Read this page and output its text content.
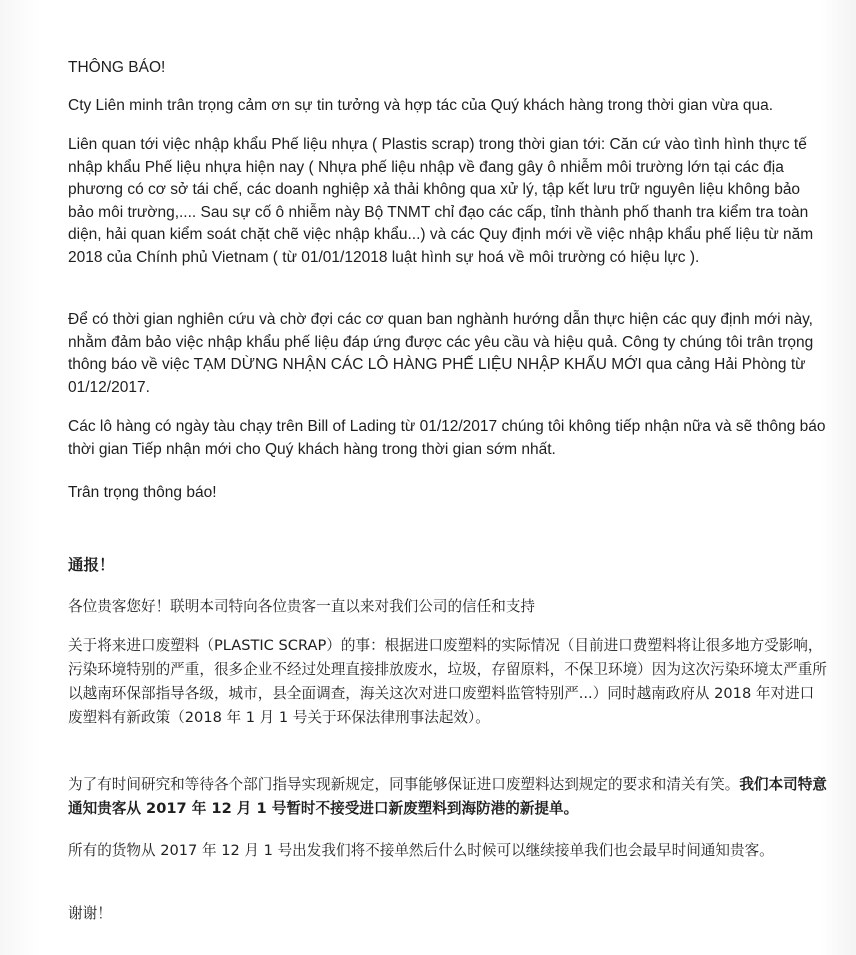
THÔNG BÁO!

Cty Liên minh trân trọng cảm ơn sự tin tưởng và hợp tác của Quý khách hàng trong thời gian vừa qua.

Liên quan tới việc nhập khẩu Phế liệu nhựa ( Plastis scrap) trong thời gian tới: Căn cứ vào tình hình thực tế nhập khẩu Phế liệu nhựa hiện nay ( Nhựa phế liệu nhập về đang gây ô nhiễm môi trường lớn tại các địa phương có cơ sở tái chế, các doanh nghiệp xả thải không qua xử lý, tập kết lưu trữ nguyên liệu không bảo bảo môi trường,.... Sau sự cố ô nhiễm này Bộ TNMT chỉ đạo các cấp, tỉnh thành phố thanh tra kiểm tra toàn diện, hải quan kiểm soát chặt chẽ việc nhập khẩu...) và các Quy định mới về việc nhập khẩu phế liệu từ năm 2018 của Chính phủ Vietnam ( từ 01/01/12018 luật hình sự hoá về môi trường có hiệu lực ).

Để có thời gian nghiên cứu và chờ đợi các cơ quan ban nghành hướng dẫn thực hiện các quy định mới này, nhằm đảm bảo việc nhập khẩu phế liệu đáp ứng được các yêu cầu và hiệu quả. Công ty chúng tôi trân trọng thông báo về việc TẠM DỪNG NHẬN CÁC LÔ HÀNG PHẾ LIỆU NHẬP KHẨU MỚI qua cảng Hải Phòng từ 01/12/2017.

Các lô hàng có ngày tàu chạy trên Bill of Lading từ 01/12/2017 chúng tôi không tiếp nhận nữa và sẽ thông báo thời gian Tiếp nhận mới cho Quý khách hàng trong thời gian sớm nhất.

Trân trọng thông báo!

通报！

各位贵客您好！联明本司特向各位贵客一直以来对我们公司的信任和支持

关于将来进口废塑料（PLASTIC SCRAP）的事：根据进口废塑料的实际情况（目前进口费塑料将让很多地方受影响，污染环境特别的严重，很多企业不经过处理直接排放废水，垃圾，存留原料，不保卫环境）因为这次污染环境太严重所以越南环保部指导各级，城市，县全面调查，海关这次对进口废塑料监管特别严...）同时越南政府从 2018 年对进口废塑料有新政策（2018 年 1 月 1 号关于环保法律刑事法起效）。

为了有时间研究和等待各个部门指导实现新规定，同事能够保证进口废塑料达到规定的要求和清关有笑。我们本司特意通知贵客从 2017 年 12 月 1 号暂时不接受进口新废塑料到海防港的新提单。

所有的货物从 2017 年 12 月 1 号出发我们将不接单然后什么时候可以继续接单我们也会最早时间通知贵客。

谢谢！
